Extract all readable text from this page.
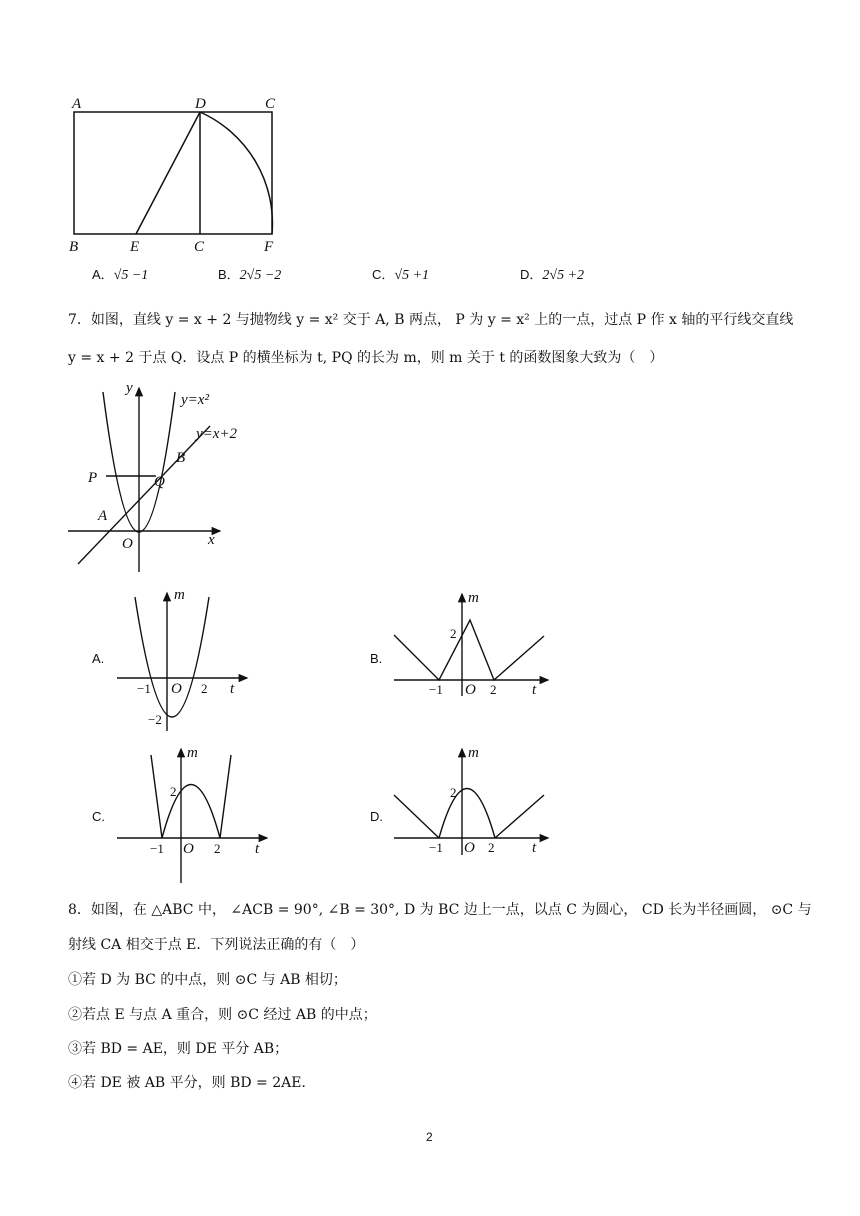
A	D	C
B	E	C	F
A．√5 −1	B．2√5 −2	C．√5 +1	D．2√5 +2
7．如图，直线 y = x + 2 与抛物线 y = x² 交于 A, B 两点， P 为 y = x² 上的一点，过点 P 作 x 轴的平行线交直线
y = x + 2 于点 Q．设点 P 的横坐标为 t, PQ 的长为 m，则 m 关于 t 的函数图象大致为（　）
y
x
y=x²
y=x+2
B
P	Q
A
O
A.
m
t
−1 O 2
−2
B.
m
2
t
−1 O 2
C.
m
2
t
−1 O 2
D.
m
2
t
−1 O 2
8．如图，在 △ABC 中， ∠ACB = 90°, ∠B = 30°, D 为 BC 边上一点，以点 C 为圆心， CD 长为半径画圆， ⊙C 与
射线 CA 相交于点 E．下列说法正确的有（　）
①若 D 为 BC 的中点，则 ⊙C 与 AB 相切；
②若点 E 与点 A 重合，则 ⊙C 经过 AB 的中点；
③若 BD = AE，则 DE 平分 AB；
④若 DE 被 AB 平分，则 BD = 2AE．
2
